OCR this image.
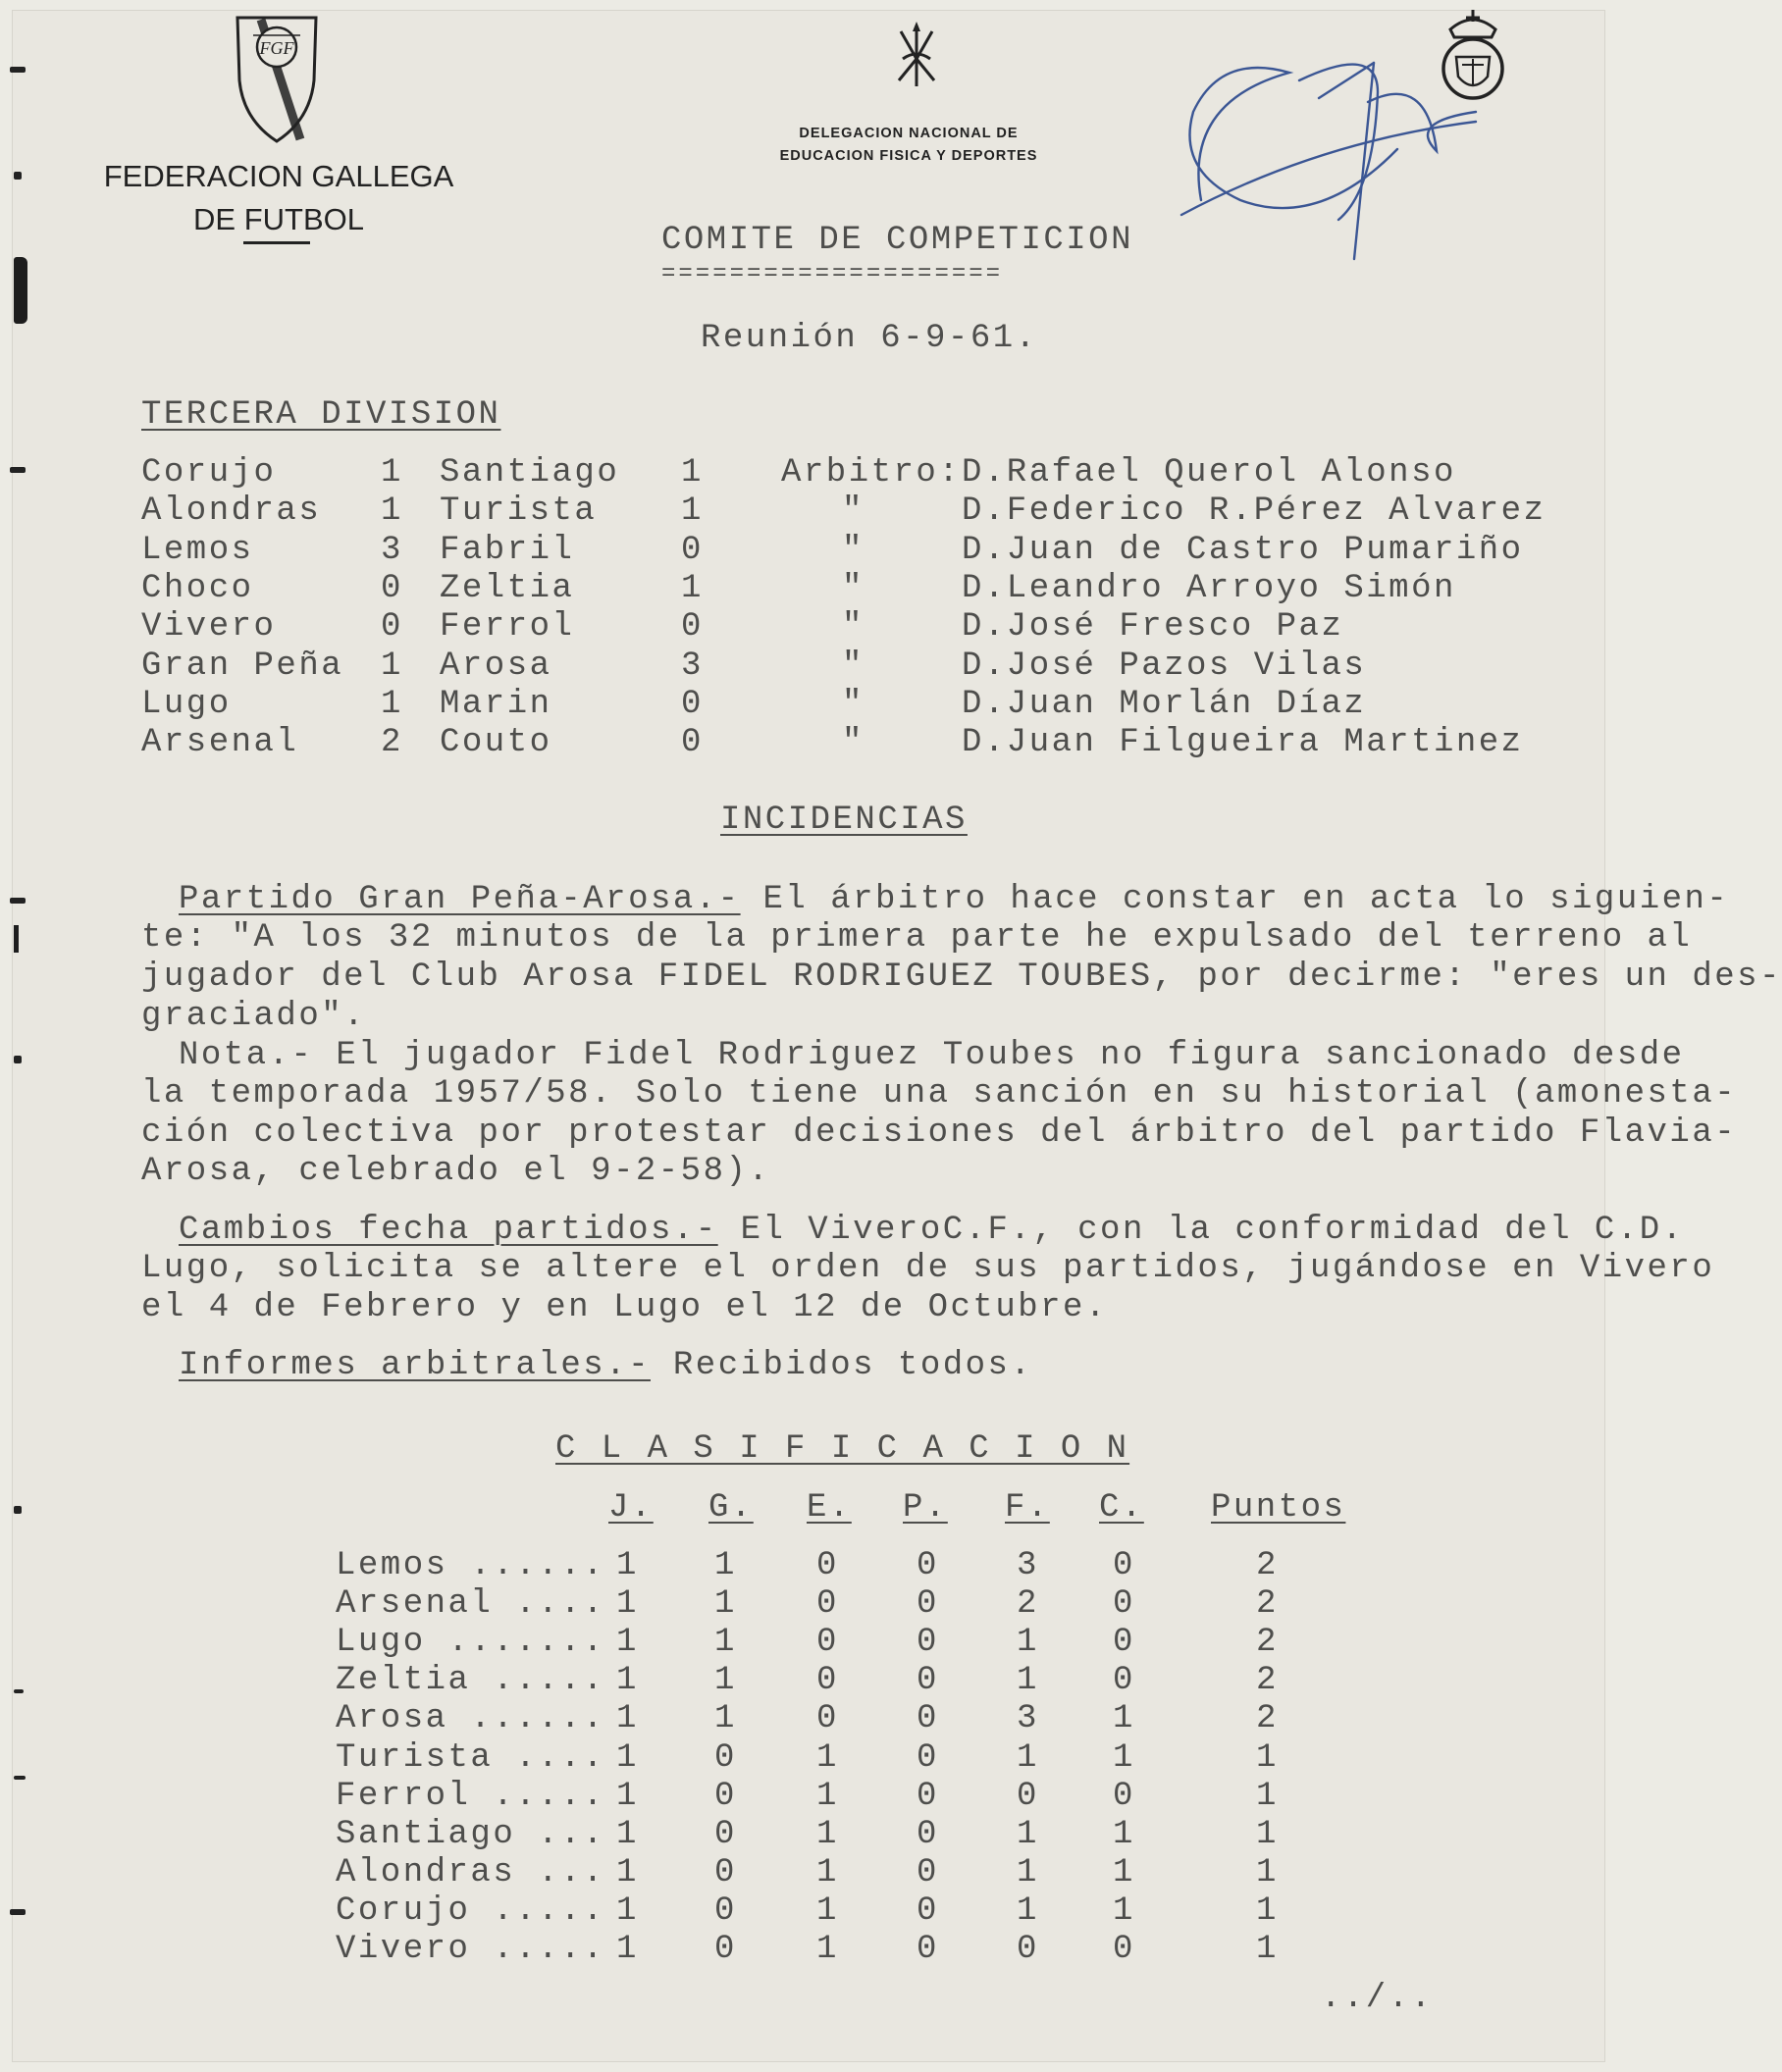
FGF
FEDERACION GALLEGA
DE FUTBOL
DELEGACION NACIONAL DE
EDUCACION FISICA Y DEPORTES
COMITE DE COMPETICION
====================
Reunión 6-9-61.
TERCERA DIVISION
Corujo	1 Santiago 1 Arbitro: D.Rafael Querol Alonso
Alondras 1 Turista	1	"	D.Federico R.Pérez Alvarez
Lemos	3 Fabril	0	"	D.Juan de Castro Pumariño
Choco	0 Zeltia	1	"	D.Leandro Arroyo Simón
Vivero	0 Ferrol	0	"	D.José Fresco Paz
Gran Peña 1 Arosa	3	"	D.José Pazos Vilas
Lugo	1 Marin	0	"	D.Juan Morlán Díaz
Arsenal 2 Couto	0	"	D.Juan Filgueira Martinez
INCIDENCIAS
Partido Gran Peña-Arosa.- El árbitro hace constar en acta lo siguien-
te: "A los 32 minutos de la primera parte he expulsado del terreno al
jugador del Club Arosa FIDEL RODRIGUEZ TOUBES, por decirme: "eres un des-
graciado".
Nota.- El jugador Fidel Rodriguez Toubes no figura sancionado desde
la temporada 1957/58. Solo tiene una sanción en su historial (amonesta-
ción colectiva por protestar decisiones del árbitro del partido Flavia-
Arosa, celebrado el 9-2-58).
Cambios fecha partidos.- El ViveroC.F., con la conformidad del C.D.
Lugo, solicita se altere el orden de sus partidos, jugándose en Vivero
el 4 de Febrero y en Lugo el 12 de Octubre.
Informes arbitrales.- Recibidos todos.
C L A S I F I C A C I O N
J. G. E. P. F. C. Puntos
Lemos ...... 1 1 0 0 3 0	2
Arsenal .... 1 1 0 0 2 0	2
Lugo ....... 1 1 0 0 1 0	2
Zeltia ..... 1 1 0 0 1 0	2
Arosa ...... 1 1 0 0 3 1	2
Turista .... 1 0 1 0 1 1	1
Ferrol ..... 1 0 1 0 0 0	1
Santiago ... 1 0 1 0 1 1	1
Alondras ... 1 0 1 0 1 1	1
Corujo ..... 1 0 1 0 1 1	1
Vivero ..... 1 0 1 0 0 0	1
../..
